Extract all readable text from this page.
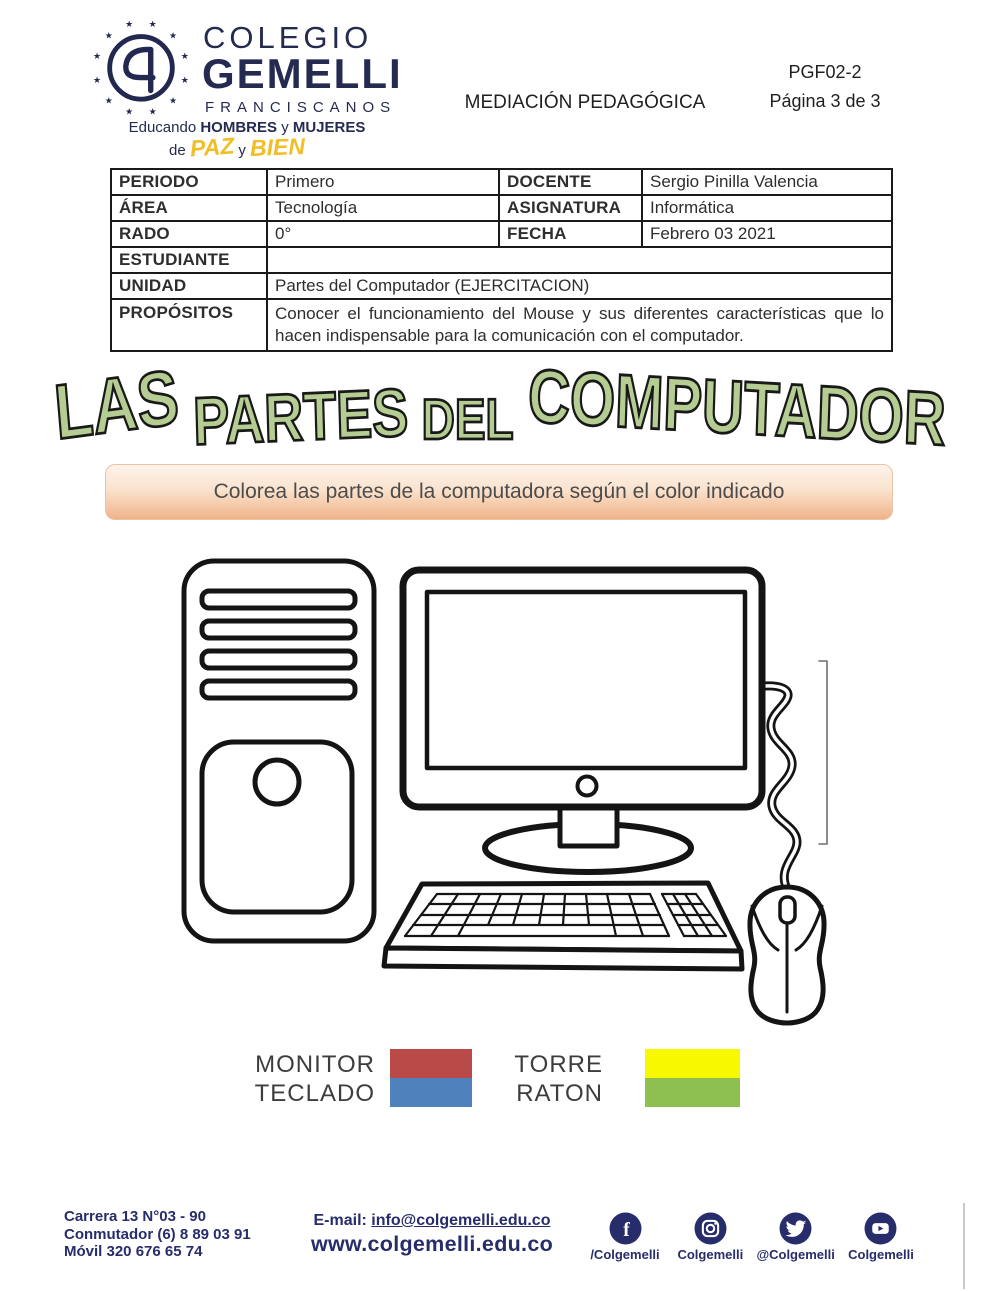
★
★
★
★
★
★
★
★
★ ★
★
★
COLEGIO
GEMELLI
FRANCISCANOS
Educando HOMBRES y MUJERES
de PAZ y BIEN
MEDIACIÓN PEDAGÓGICA
PGF02-2
Página 3 de 3
PERIODO	Primero	DOCENTE	Sergio Pinilla Valencia
ÁREA	Tecnología	ASIGNATURA	Informática
RADO	0°	FECHA	Febrero 03 2021
ESTUDIANTE			
UNIDAD	Partes del Computador (EJERCITACION)		
PROPÓSITOS	Conocer el funcionamiento del Mouse y sus diferentes características que lo hacen indispensable para la comunicación con el computador.		
LAS PARTES DEL COMPUTADOR
Colorea las partes de la computadora según el color indicado
MONITOR
TECLADO
TORRE
RATON
Carrera 13 N°03 - 90
Conmutador (6) 8 89 03 91
Móvil 320 676 65 74
E-mail: info@colgemelli.edu.co
www.colgemelli.edu.co
f
/Colgemelli Colgemelli @Colgemelli Colgemelli
